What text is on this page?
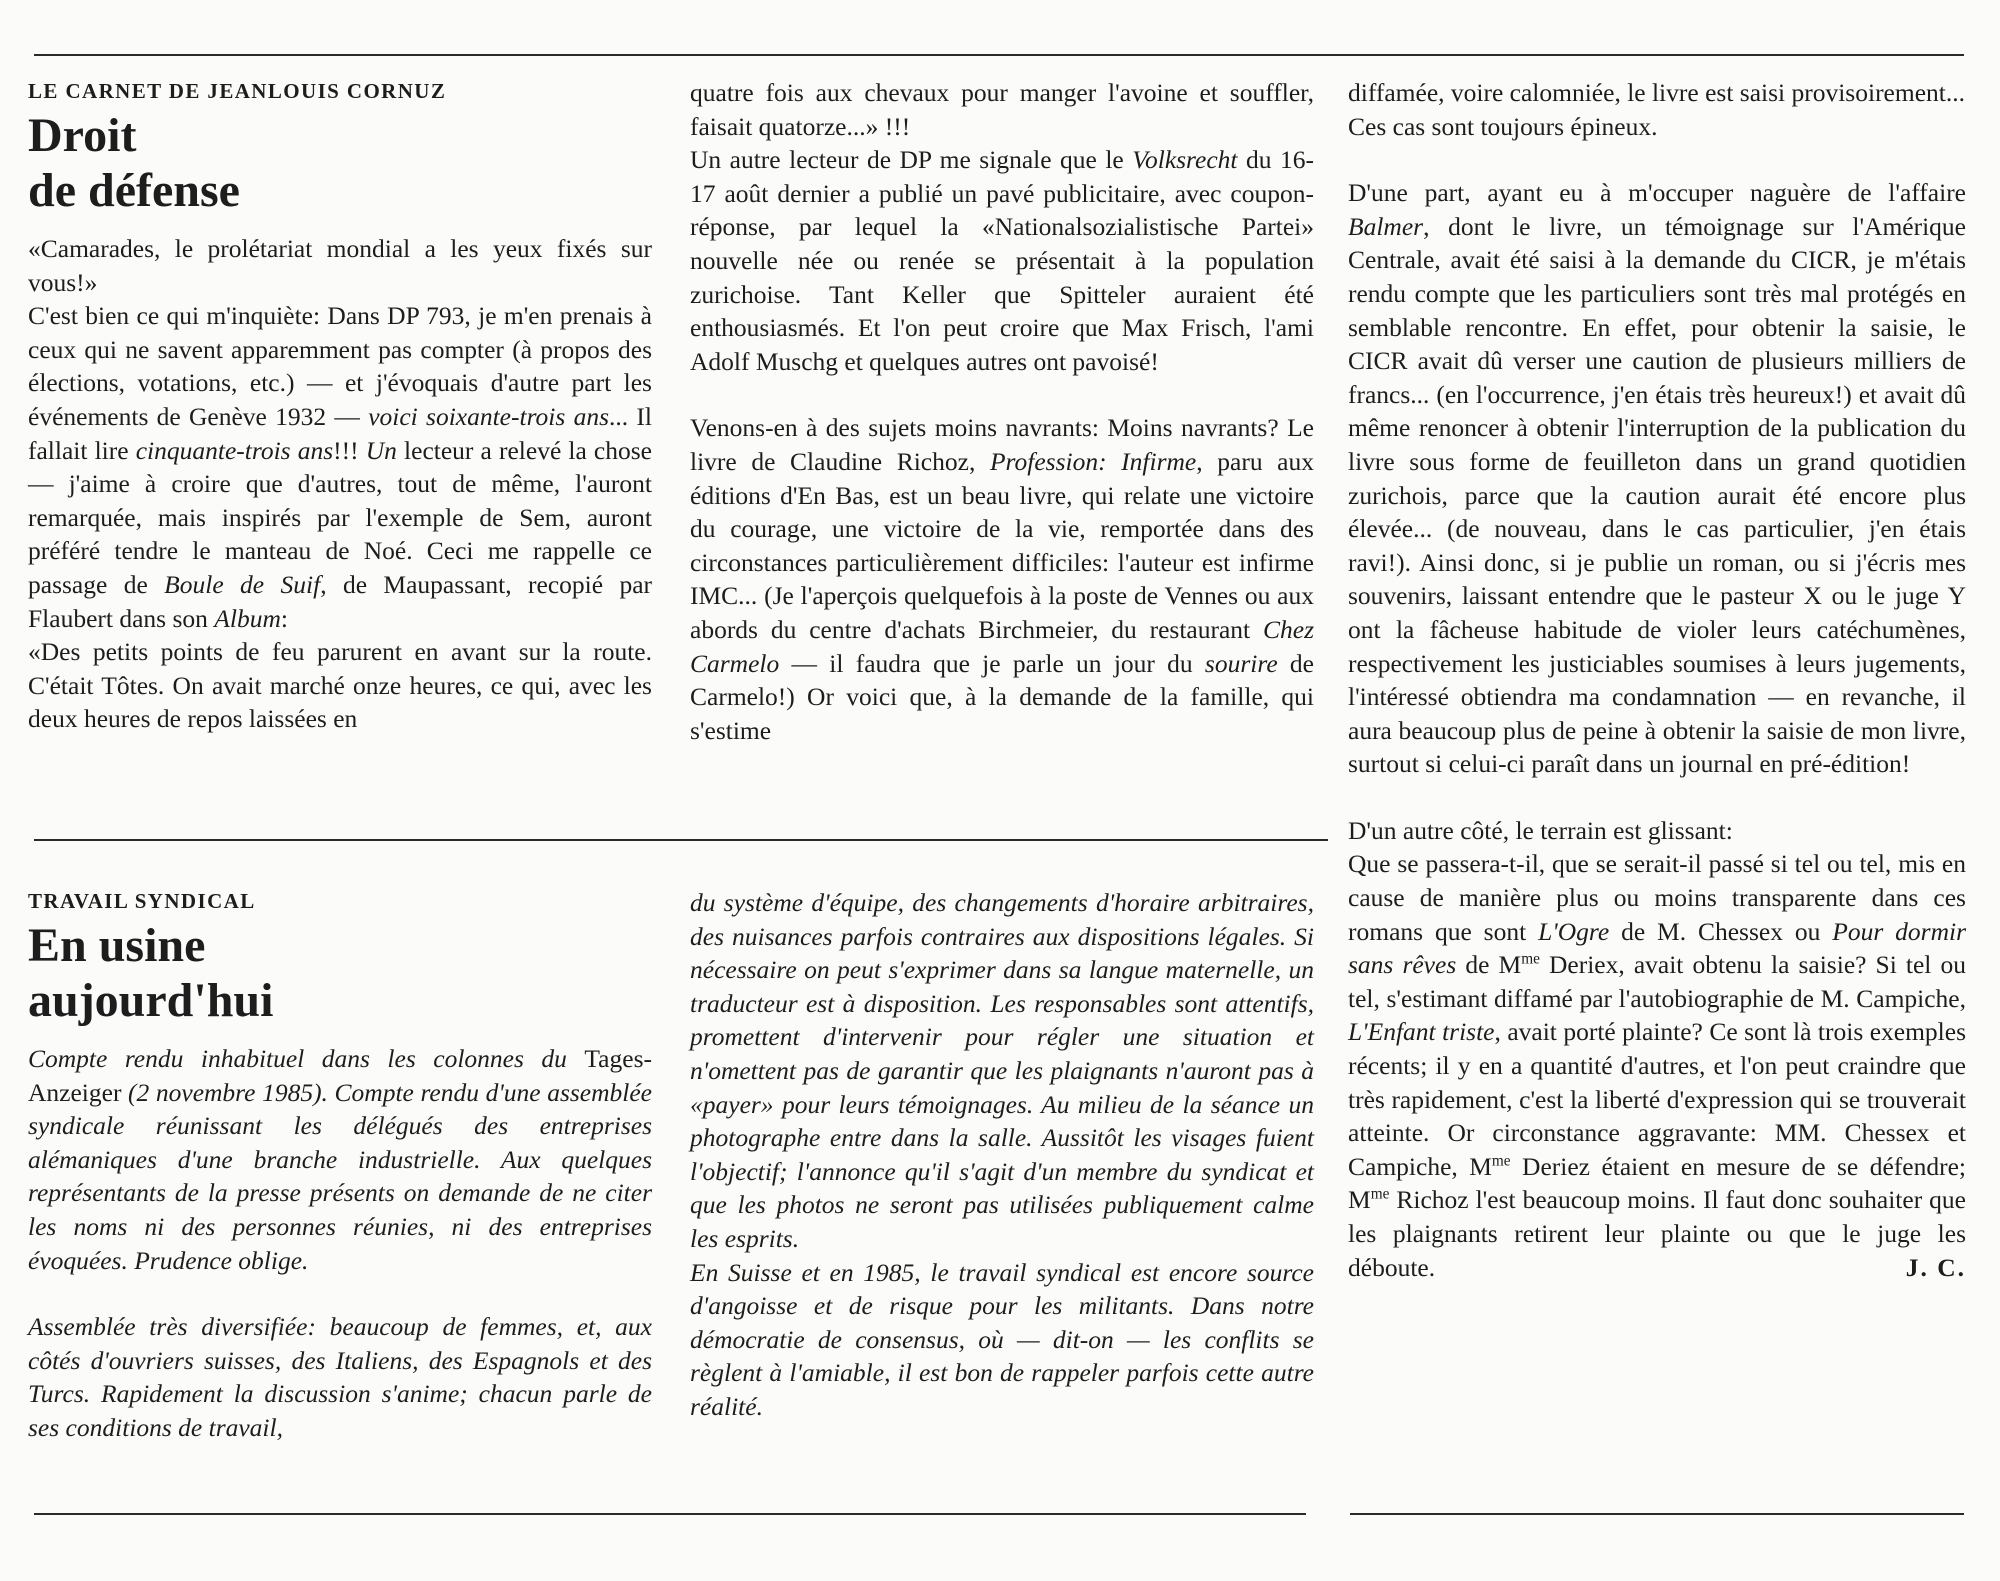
LE CARNET DE JEANLOUIS CORNUZ
Droit
de défense

«Camarades, le prolétariat mondial a les yeux fixés sur vous!»

C'est bien ce qui m'inquiète: Dans DP 793, je m'en prenais à ceux qui ne savent apparemment pas compter (à propos des élections, votations, etc.) — et j'évoquais d'autre part les événements de Genève 1932 — voici soixante-trois ans... Il fallait lire cinquante-trois ans!!! Un lecteur a relevé la chose — j'aime à croire que d'autres, tout de même, l'auront remarquée, mais inspirés par l'exemple de Sem, auront préféré tendre le manteau de Noé. Ceci me rappelle ce passage de Boule de Suif, de Maupassant, recopié par Flaubert dans son Album:

«Des petits points de feu parurent en avant sur la route. C'était Tôtes. On avait marché onze heures, ce qui, avec les deux heures de repos laissées en

quatre fois aux chevaux pour manger l'avoine et souffler, faisait quatorze...» !!!

Un autre lecteur de DP me signale que le Volksrecht du 16-17 août dernier a publié un pavé publicitaire, avec coupon-réponse, par lequel la «Nationalsozialistische Partei» nouvelle née ou renée se présentait à la population zurichoise. Tant Keller que Spitteler auraient été enthousiasmés. Et l'on peut croire que Max Frisch, l'ami Adolf Muschg et quelques autres ont pavoisé!

Venons-en à des sujets moins navrants: Moins navrants? Le livre de Claudine Richoz, Profession: Infirme, paru aux éditions d'En Bas, est un beau livre, qui relate une victoire du courage, une victoire de la vie, remportée dans des circonstances particulièrement difficiles: l'auteur est infirme IMC... (Je l'aperçois quelquefois à la poste de Vennes ou aux abords du centre d'achats Birchmeier, du restaurant Chez Carmelo — il faudra que je parle un jour du sourire de Carmelo!) Or voici que, à la demande de la famille, qui s'estime

diffamée, voire calomniée, le livre est saisi provisoirement...

Ces cas sont toujours épineux.

D'une part, ayant eu à m'occuper naguère de l'affaire Balmer, dont le livre, un témoignage sur l'Amérique Centrale, avait été saisi à la demande du CICR, je m'étais rendu compte que les particuliers sont très mal protégés en semblable rencontre. En effet, pour obtenir la saisie, le CICR avait dû verser une caution de plusieurs milliers de francs... (en l'occurrence, j'en étais très heureux!) et avait dû même renoncer à obtenir l'interruption de la publication du livre sous forme de feuilleton dans un grand quotidien zurichois, parce que la caution aurait été encore plus élevée... (de nouveau, dans le cas particulier, j'en étais ravi!). Ainsi donc, si je publie un roman, ou si j'écris mes souvenirs, laissant entendre que le pasteur X ou le juge Y ont la fâcheuse habitude de violer leurs catéchumènes, respectivement les justiciables soumises à leurs jugements, l'intéressé obtiendra ma condamnation — en revanche, il aura beaucoup plus de peine à obtenir la saisie de mon livre, surtout si celui-ci paraît dans un journal en pré-édition!

D'un autre côté, le terrain est glissant:

Que se passera-t-il, que se serait-il passé si tel ou tel, mis en cause de manière plus ou moins transparente dans ces romans que sont L'Ogre de M. Chessex ou Pour dormir sans rêves de $M^{me}$ Deriex, avait obtenu la saisie? Si tel ou tel, s'estimant diffamé par l'autobiographie de M. Campiche, L'Enfant triste, avait porté plainte? Ce sont là trois exemples récents; il y en a quantité d'autres, et l'on peut craindre que très rapidement, c'est la liberté d'expression qui se trouverait atteinte. Or circonstance aggravante: MM. Chessex et Campiche, $M^{me}$ Deriez étaient en mesure de se défendre; $M^{me}$ Richoz l'est beaucoup moins. Il faut donc souhaiter que les plaignants retirent leur plainte ou que le juge les déboute.	J. C.

TRAVAIL SYNDICAL
En usine
aujourd'hui

Compte rendu inhabituel dans les colonnes du Tages-Anzeiger (2 novembre 1985). Compte rendu d'une assemblée syndicale réunissant les délégués des entreprises alémaniques d'une branche industrielle. Aux quelques représentants de la presse présents on demande de ne citer les noms ni des personnes réunies, ni des entreprises évoquées. Prudence oblige.

Assemblée très diversifiée: beaucoup de femmes, et, aux côtés d'ouvriers suisses, des Italiens, des Espagnols et des Turcs. Rapidement la discussion s'anime; chacun parle de ses conditions de travail,

du système d'équipe, des changements d'horaire arbitraires, des nuisances parfois contraires aux dispositions légales. Si nécessaire on peut s'exprimer dans sa langue maternelle, un traducteur est à disposition. Les responsables sont attentifs, promettent d'intervenir pour régler une situation et n'omettent pas de garantir que les plaignants n'auront pas à «payer» pour leurs témoignages. Au milieu de la séance un photographe entre dans la salle. Aussitôt les visages fuient l'objectif; l'annonce qu'il s'agit d'un membre du syndicat et que les photos ne seront pas utilisées publiquement calme les esprits.

En Suisse et en 1985, le travail syndical est encore source d'angoisse et de risque pour les militants. Dans notre démocratie de consensus, où — dit-on — les conflits se règlent à l'amiable, il est bon de rappeler parfois cette autre réalité.
